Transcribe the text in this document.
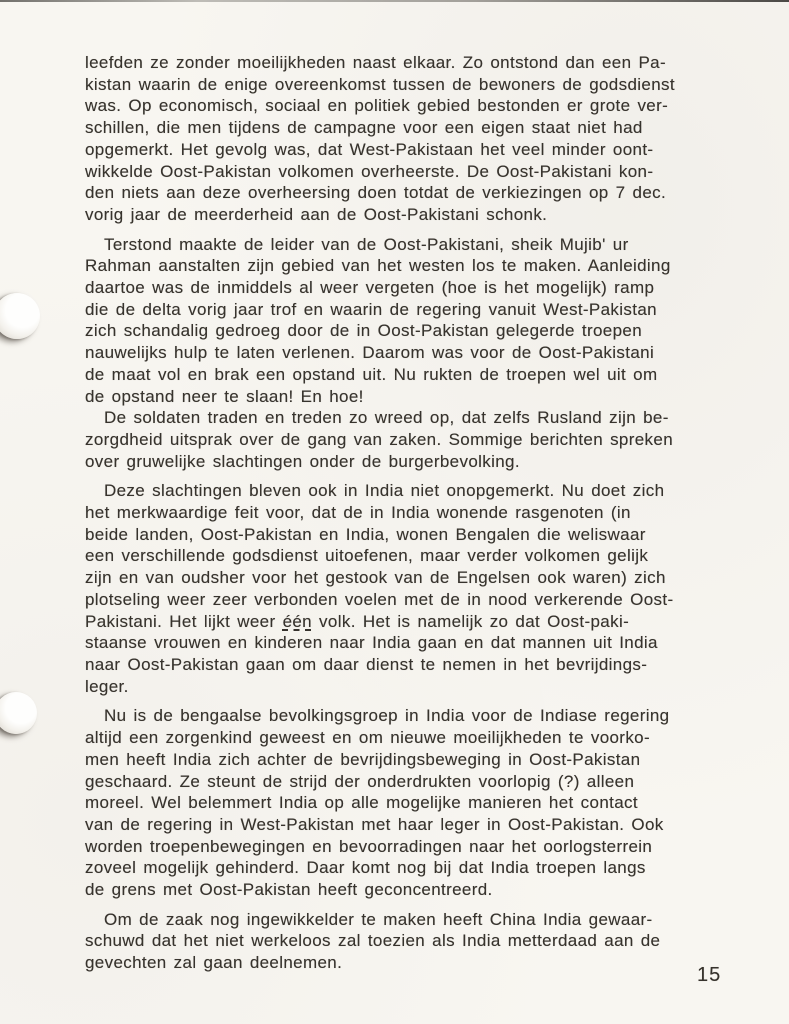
leefden ze zonder moeilijkheden naast elkaar. Zo ontstond dan een Pa-
kistan waarin de enige overeenkomst tussen de bewoners de godsdienst
was. Op economisch, sociaal en politiek gebied bestonden er grote ver-
schillen, die men tijdens de campagne voor een eigen staat niet had
opgemerkt. Het gevolg was, dat West-Pakistaan het veel minder oont-
wikkelde Oost-Pakistan volkomen overheerste. De Oost-Pakistani kon-
den niets aan deze overheersing doen totdat de verkiezingen op 7 dec.
vorig jaar de meerderheid aan de Oost-Pakistani schonk.

Terstond maakte de leider van de Oost-Pakistani, sheik Mujib' ur
Rahman aanstalten zijn gebied van het westen los te maken. Aanleiding
daartoe was de inmiddels al weer vergeten (hoe is het mogelijk) ramp
die de delta vorig jaar trof en waarin de regering vanuit West-Pakistan
zich schandalig gedroeg door de in Oost-Pakistan gelegerde troepen
nauwelijks hulp te laten verlenen. Daarom was voor de Oost-Pakistani
de maat vol en brak een opstand uit. Nu rukten de troepen wel uit om
de opstand neer te slaan! En hoe!

De soldaten traden en treden zo wreed op, dat zelfs Rusland zijn be-
zorgdheid uitsprak over de gang van zaken. Sommige berichten spreken
over gruwelijke slachtingen onder de burgerbevolking.

Deze slachtingen bleven ook in India niet onopgemerkt. Nu doet zich
het merkwaardige feit voor, dat de in India wonende rasgenoten (in
beide landen, Oost-Pakistan en India, wonen Bengalen die weliswaar
een verschillende godsdienst uitoefenen, maar verder volkomen gelijk
zijn en van oudsher voor het gestook van de Engelsen ook waren) zich
plotseling weer zeer verbonden voelen met de in nood verkerende Oost-
Pakistani. Het lijkt weer één volk. Het is namelijk zo dat Oost-paki-
staanse vrouwen en kinderen naar India gaan en dat mannen uit India
naar Oost-Pakistan gaan om daar dienst te nemen in het bevrijdings-
leger.

Nu is de bengaalse bevolkingsgroep in India voor de Indiase regering
altijd een zorgenkind geweest en om nieuwe moeilijkheden te voorko-
men heeft India zich achter de bevrijdingsbeweging in Oost-Pakistan
geschaard. Ze steunt de strijd der onderdrukten voorlopig (?) alleen
moreel. Wel belemmert India op alle mogelijke manieren het contact
van de regering in West-Pakistan met haar leger in Oost-Pakistan. Ook
worden troepenbewegingen en bevoorradingen naar het oorlogsterrein
zoveel mogelijk gehinderd. Daar komt nog bij dat India troepen langs
de grens met Oost-Pakistan heeft geconcentreerd.

Om de zaak nog ingewikkelder te maken heeft China India gewaar-
schuwd dat het niet werkeloos zal toezien als India metterdaad aan de
gevechten zal gaan deelnemen.

15
